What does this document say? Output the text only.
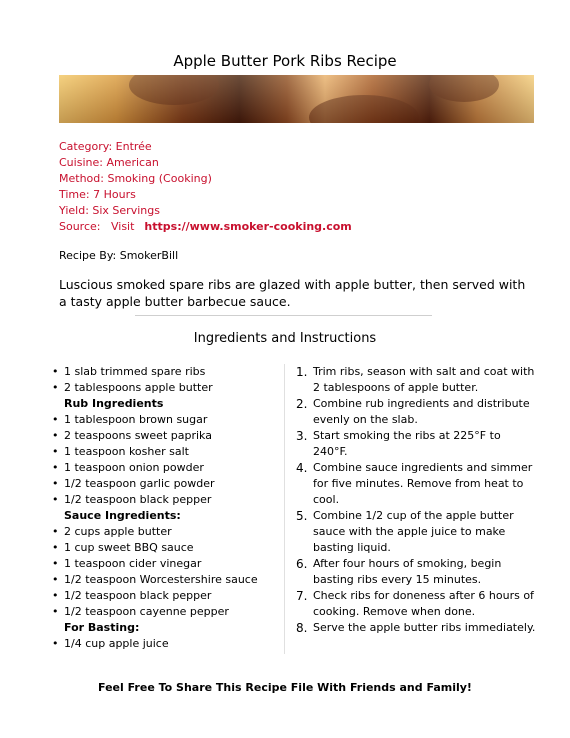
Apple Butter Pork Ribs Recipe
Category: Entrée
Cuisine: American
Method: Smoking (Cooking)
Time: 7 Hours
Yield: Six Servings
Source:   Visit https://www.smoker-cooking.com
Recipe By: SmokerBill
Luscious smoked spare ribs are glazed with apple butter, then served with a tasty apple butter barbecue sauce.
Ingredients and Instructions
• 1 slab trimmed spare ribs
• 2 tablespoons apple butter
Rub Ingredients
• 1 tablespoon brown sugar
• 2 teaspoons sweet paprika
• 1 teaspoon kosher salt
• 1 teaspoon onion powder
• 1/2 teaspoon garlic powder
• 1/2 teaspoon black pepper
Sauce Ingredients:
• 2 cups apple butter
• 1 cup sweet BBQ sauce
• 1 teaspoon cider vinegar
• 1/2 teaspoon Worcestershire sauce
• 1/2 teaspoon black pepper
• 1/2 teaspoon cayenne pepper
For Basting:
• 1/4 cup apple juice
1. Trim ribs, season with salt and coat with 2 tablespoons of apple butter.
2. Combine rub ingredients and distribute evenly on the slab.
3. Start smoking the ribs at 225°F to 240°F.
4. Combine sauce ingredients and simmer for five minutes. Remove from heat to cool.
5. Combine 1/2 cup of the apple butter sauce with the apple juice to make basting liquid.
6. After four hours of smoking, begin basting ribs every 15 minutes.
7. Check ribs for doneness after 6 hours of cooking. Remove when done.
8. Serve the apple butter ribs immediately.
Feel Free To Share This Recipe File With Friends and Family!
